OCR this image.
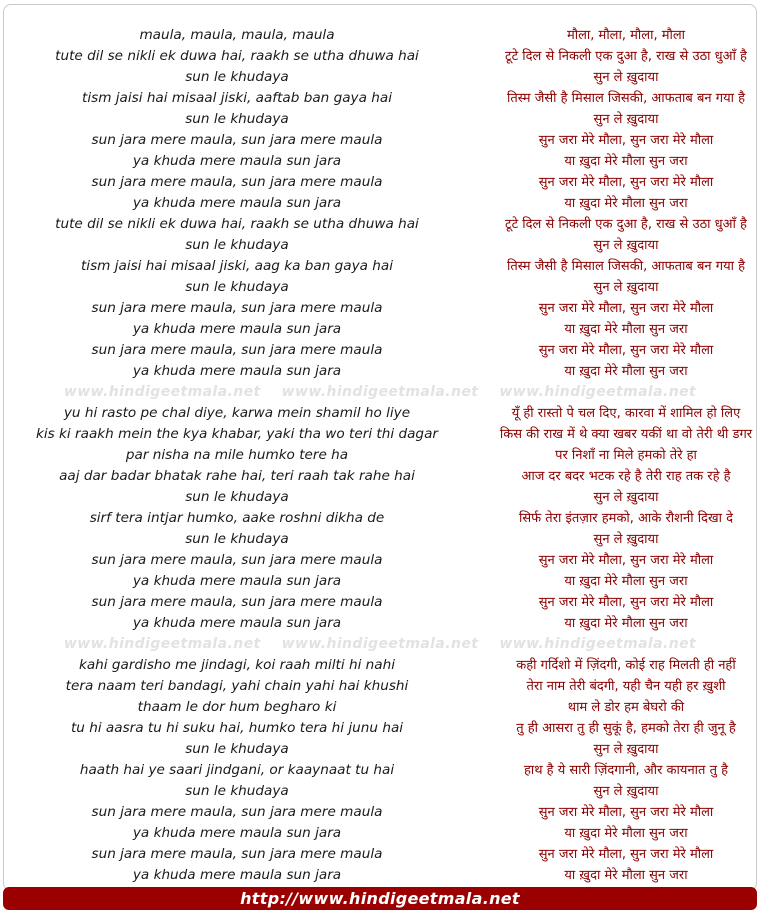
maula, maula, maula, maula
tute dil se nikli ek duwa hai, raakh se utha dhuwa hai
sun le khudaya
tism jaisi hai misaal jiski, aaftab ban gaya hai
sun le khudaya
sun jara mere maula, sun jara mere maula
ya khuda mere maula sun jara
sun jara mere maula, sun jara mere maula
ya khuda mere maula sun jara
tute dil se nikli ek duwa hai, raakh se utha dhuwa hai
sun le khudaya
tism jaisi hai misaal jiski, aag ka ban gaya hai
sun le khudaya
sun jara mere maula, sun jara mere maula
ya khuda mere maula sun jara
sun jara mere maula, sun jara mere maula
ya khuda mere maula sun jara
yu hi rasto pe chal diye, karwa mein shamil ho liye
kis ki raakh mein the kya khabar, yaki tha wo teri thi dagar
par nisha na mile humko tere ha
aaj dar badar bhatak rahe hai, teri raah tak rahe hai
sun le khudaya
sirf tera intjar humko, aake roshni dikha de
sun le khudaya
sun jara mere maula, sun jara mere maula
ya khuda mere maula sun jara
sun jara mere maula, sun jara mere maula
ya khuda mere maula sun jara
kahi gardisho me jindagi, koi raah milti hi nahi
tera naam teri bandagi, yahi chain yahi hai khushi
thaam le dor hum begharo ki
tu hi aasra tu hi suku hai, humko tera hi junu hai
sun le khudaya
haath hai ye saari jindgani, or kaaynaat tu hai
sun le khudaya
sun jara mere maula, sun jara mere maula
ya khuda mere maula sun jara
sun jara mere maula, sun jara mere maula
ya khuda mere maula sun jara
मौला, मौला, मौला, मौला
टूटे दिल से निकली एक दुआ है, राख से उठा धुआँ है
सुन ले ख़ुदाया
तिस्म जैसी है मिसाल जिसकी, आफताब बन गया है
सुन ले ख़ुदाया
सुन जरा मेरे मौला, सुन जरा मेरे मौला
या ख़ुदा मेरे मौला सुन जरा
सुन जरा मेरे मौला, सुन जरा मेरे मौला
या ख़ुदा मेरे मौला सुन जरा
टूटे दिल से निकली एक दुआ है, राख से उठा धुआँ है
सुन ले ख़ुदाया
तिस्म जैसी है मिसाल जिसकी, आफताब बन गया है
सुन ले ख़ुदाया
सुन जरा मेरे मौला, सुन जरा मेरे मौला
या ख़ुदा मेरे मौला सुन जरा
सुन जरा मेरे मौला, सुन जरा मेरे मौला
या ख़ुदा मेरे मौला सुन जरा
यूँ ही रास्तो पे चल दिए, कारवा में शामिल हो लिए
किस की राख में थे क्या खबर यकीं था वो तेरी थी डगर
पर निशाँ ना मिले हमको तेरे हा
आज दर बदर भटक रहे है तेरी राह तक रहे है
सुन ले ख़ुदाया
सिर्फ तेरा इंतज़ार हमको, आके रौशनी दिखा दे
सुन ले ख़ुदाया
सुन जरा मेरे मौला, सुन जरा मेरे मौला
या ख़ुदा मेरे मौला सुन जरा
सुन जरा मेरे मौला, सुन जरा मेरे मौला
या ख़ुदा मेरे मौला सुन जरा
कही गर्दिशो में ज़िंदगी, कोई राह मिलती ही नहीं
तेरा नाम तेरी बंदगी, यही चैन यही हर ख़ुशी
थाम ले डोर हम बेघरो की
तु ही आसरा तु ही सुकूं है, हमको तेरा ही जुनू है
सुन ले ख़ुदाया
हाथ है ये सारी ज़िंदगानी, और कायनात तु है
सुन ले ख़ुदाया
सुन जरा मेरे मौला, सुन जरा मेरे मौला
या ख़ुदा मेरे मौला सुन जरा
सुन जरा मेरे मौला, सुन जरा मेरे मौला
या ख़ुदा मेरे मौला सुन जरा
www.hindigeetmala.net www.hindigeetmala.net www.hindigeetmala.net
www.hindigeetmala.net www.hindigeetmala.net www.hindigeetmala.net
http://www.hindigeetmala.net
